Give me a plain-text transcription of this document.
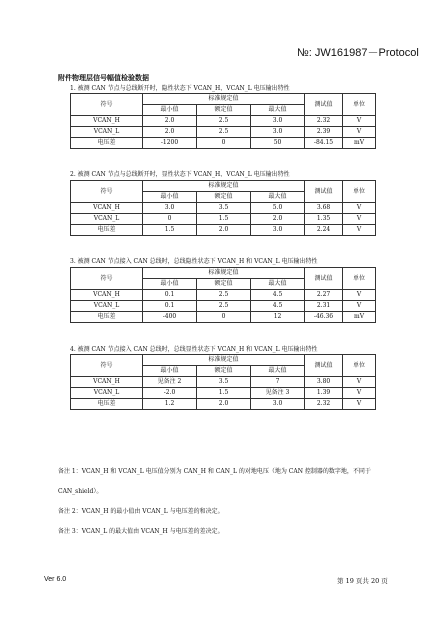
№: JW161987－Protocol
附件物理层信号幅值检验数据
1. 被测 CAN 节点与总线断开时，隐性状态下 VCAN_H、VCAN_L 电压输出特性
符号	标准规定值			测试值	单位
	最小值	额定值	最大值		
VCAN_H	2.0	2.5	3.0	2.32	V
VCAN_L	2.0	2.5	3.0	2.39	V
电压差	-1200	0	50	-84.15	mV
2. 被测 CAN 节点与总线断开时，显性状态下 VCAN_H、VCAN_L 电压输出特性
符号	标准规定值			测试值	单位
	最小值	额定值	最大值		
VCAN_H	3.0	3.5	5.0	3.68	V
VCAN_L	0	1.5	2.0	1.35	V
电压差	1.5	2.0	3.0	2.24	V
3. 被测 CAN 节点接入 CAN 总线时，总线隐性状态下 VCAN_H 和 VCAN_L 电压输出特性
符号	标准规定值			测试值	单位
	最小值	额定值	最大值		
VCAN_H	0.1	2.5	4.5	2.27	V
VCAN_L	0.1	2.5	4.5	2.31	V
电压差	-400	0	12	-46.36	mV
4. 被测 CAN 节点接入 CAN 总线时，总线显性状态下 VCAN_H 和 VCAN_L 电压输出特性
符号	标准规定值			测试值	单位
	最小值	额定值	最大值		
VCAN_H	见备注 2	3.5	7	3.80	V
VCAN_L	-2.0	1.5	见备注 3	1.39	V
电压差	1.2	2.0	3.0	2.32	V
备注 1：VCAN_H 和 VCAN_L 电压值分别为 CAN_H 和 CAN_L 的对地电压（地为 CAN 控制器的数字地，不同于
CAN_shield）。
备注 2：VCAN_H 的最小值由 VCAN_L 与电压差的和决定。
备注 3：VCAN_L 的最大值由 VCAN_H 与电压差的差决定。
Ver 6.0	第 19 页共 20 页
